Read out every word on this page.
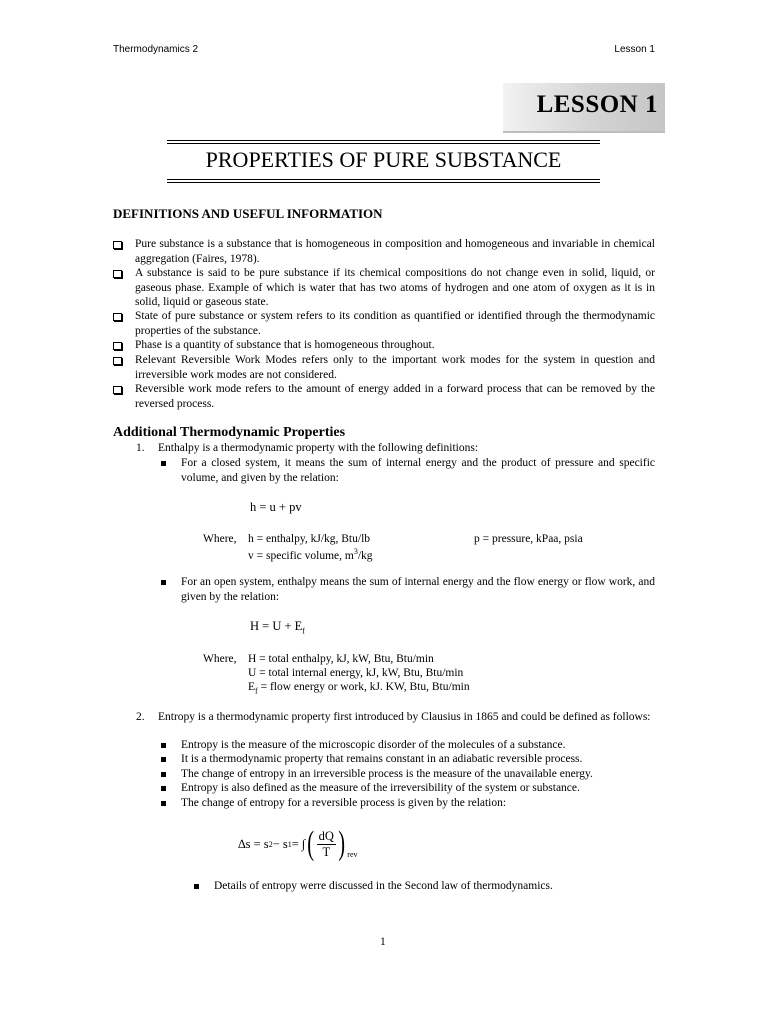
Thermodynamics 2	Lesson 1
LESSON 1
PROPERTIES OF PURE SUBSTANCE
DEFINITIONS AND USEFUL INFORMATION
Pure substance is a substance that is homogeneous in composition and homogeneous and invariable in chemical aggregation (Faires, 1978).
A substance is said to be pure substance if its chemical compositions do not change even in solid, liquid, or gaseous phase. Example of which is water that has two atoms of hydrogen and one atom of oxygen as it is in solid, liquid or gaseous state.
State of pure substance or system refers to its condition as quantified or identified through the thermodynamic properties of the substance.
Phase is a quantity of substance that is homogeneous throughout.
Relevant Reversible Work Modes refers only to the important work modes for the system in question and irreversible work modes are not considered.
Reversible work mode refers to the amount of energy added in a forward process that can be removed by the reversed process.
Additional Thermodynamic Properties
1. Enthalpy is a thermodynamic property with the following definitions:
For a closed system, it means the sum of internal energy and the product of pressure and specific volume, and given by the relation:
h = u + pv
Where, h = enthalpy, kJ/kg, Btu/lb	p = pressure, kPaa, psia
v = specific volume, $m^3/kg$
For an open system, enthalpy means the sum of internal energy and the flow energy or flow work, and given by the relation:
$H = U + E_f$
Where, H = total enthalpy, kJ, kW, Btu, Btu/min
U = total internal energy, kJ, kW, Btu, Btu/min
$E_f$ = flow energy or work, kJ. KW, Btu, Btu/min
2. Entropy is a thermodynamic property first introduced by Clausius in 1865 and could be defined as follows:
Entropy is the measure of the microscopic disorder of the molecules of a substance.
It is a thermodynamic property that remains constant in an adiabatic reversible process.
The change of entropy in an irreversible process is the measure of the unavailable energy.
Entropy is also defined as the measure of the irreversibility of the system or substance.
The change of entropy for a reversible process is given by the relation:
∆s = s 2 − s 1 = ∫ ( $\frac{dQ}{T}$ ) $_{rev}$
Details of entropy werre discussed in the Second law of thermodynamics.
1
